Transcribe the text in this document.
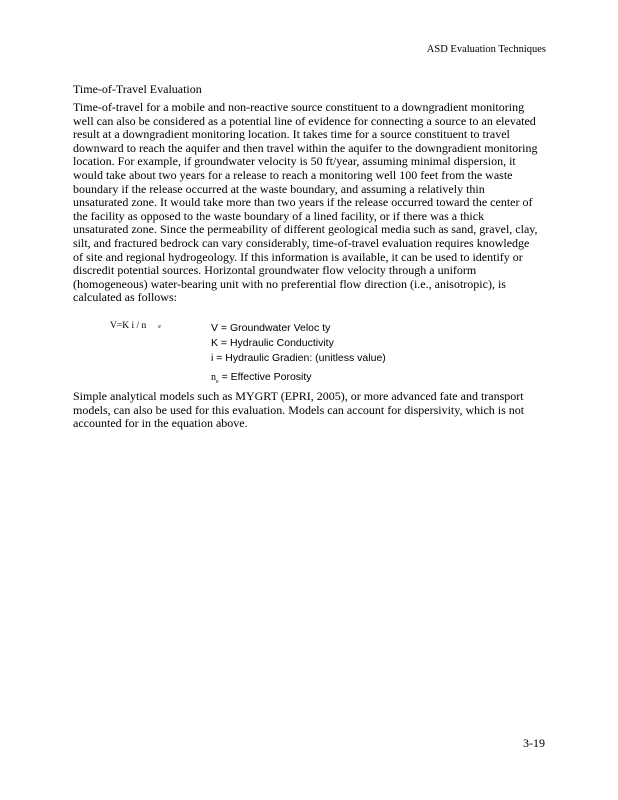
ASD Evaluation Techniques
Time-of-Travel Evaluation
Time-of-travel for a mobile and non-reactive source constituent to a downgradient monitoring
well can also be considered as a potential line of evidence for connecting a source to an elevated
result at a downgradient monitoring location. It takes time for a source constituent to travel
downward to reach the aquifer and then travel within the aquifer to the downgradient monitoring
location. For example, if groundwater velocity is 50 ft/year, assuming minimal dispersion, it
would take about two years for a release to reach a monitoring well 100 feet from the waste
boundary if the release occurred at the waste boundary, and assuming a relatively thin
unsaturated zone. It would take more than two years if the release occurred toward the center of
the facility as opposed to the waste boundary of a lined facility, or if there was a thick
unsaturated zone. Since the permeability of different geological media such as sand, gravel, clay,
silt, and fractured bedrock can vary considerably, time-of-travel evaluation requires knowledge
of site and regional hydrogeology. If this information is available, it can be used to identify or
discredit potential sources. Horizontal groundwater flow velocity through a uniform
(homogeneous) water-bearing unit with no preferential flow direction (i.e., anisotropic), is
calculated as follows:
V=K i / n e	V = Groundwater Veloc ty
K = Hydraulic Conductivity
i = Hydraulic Gradien: (unitless value)
$n_e$ = Effective Porosity
Simple analytical models such as MYGRT (EPRI, 2005), or more advanced fate and transport
models, can also be used for this evaluation. Models can account for dispersivity, which is not
accounted for in the equation above.
3-19
